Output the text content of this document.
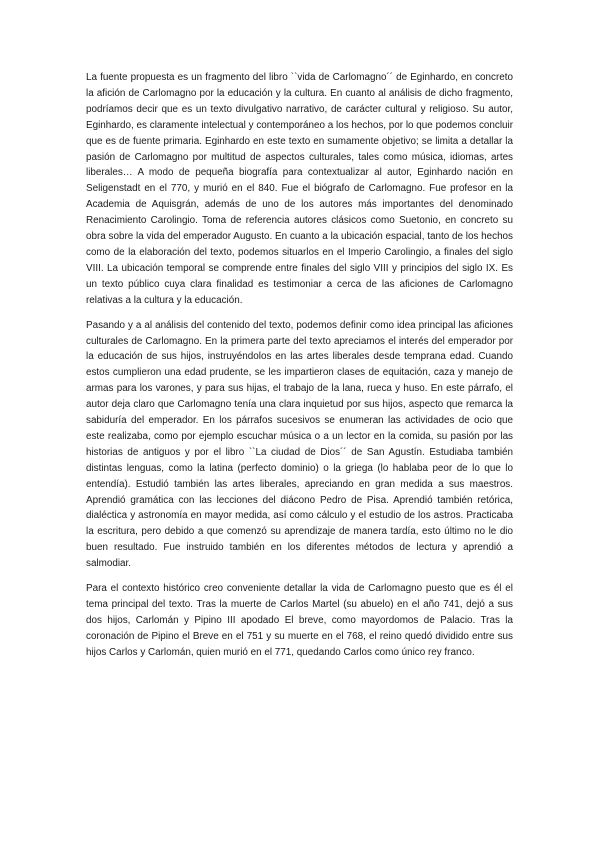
La fuente propuesta es un fragmento del libro ``vida de Carlomagno´´ de Eginhardo, en concreto la afición de Carlomagno por la educación y la cultura. En cuanto al análisis de dicho fragmento, podríamos decir que es un texto divulgativo narrativo, de carácter cultural y religioso. Su autor, Eginhardo, es claramente intelectual y contemporáneo a los hechos, por lo que podemos concluir que es de fuente primaria. Eginhardo en este texto en sumamente objetivo; se limita a detallar la pasión de Carlomagno por multitud de aspectos culturales, tales como música, idiomas, artes liberales… A modo de pequeña biografía para contextualizar al autor, Eginhardo nación en Seligenstadt en el 770, y murió en el 840. Fue el biógrafo de Carlomagno. Fue profesor en la Academia de Aquisgrán, además de uno de los autores más importantes del denominado Renacimiento Carolingio. Toma de referencia autores clásicos como Suetonio, en concreto su obra sobre la vida del emperador Augusto. En cuanto a la ubicación espacial, tanto de los hechos como de la elaboración del texto, podemos situarlos en el Imperio Carolingio, a finales del siglo VIII. La ubicación temporal se comprende entre finales del siglo VIII y principios del siglo IX. Es un texto público cuya clara finalidad es testimoniar a cerca de las aficiones de Carlomagno relativas a la cultura y la educación.

Pasando y a al análisis del contenido del texto, podemos definir como idea principal las aficiones culturales de Carlomagno. En la primera parte del texto apreciamos el interés del emperador por la educación de sus hijos, instruyéndolos en las artes liberales desde temprana edad. Cuando estos cumplieron una edad prudente, se les impartieron clases de equitación, caza y manejo de armas para los varones, y para sus hijas, el trabajo de la lana, rueca y huso. En este párrafo, el autor deja claro que Carlomagno tenía una clara inquietud por sus hijos, aspecto que remarca la sabiduría del emperador. En los párrafos sucesivos se enumeran las actividades de ocio que este realizaba, como por ejemplo escuchar música o a un lector en la comida, su pasión por las historias de antiguos y por el libro ``La ciudad de Dios´´ de San Agustín. Estudiaba también distintas lenguas, como la latina (perfecto dominio) o la griega (lo hablaba peor de lo que lo entendía). Estudió también las artes liberales, apreciando en gran medida a sus maestros. Aprendió gramática con las lecciones del diácono Pedro de Pisa. Aprendió también retórica, dialéctica y astronomía en mayor medida, así como cálculo y el estudio de los astros. Practicaba la escritura, pero debido a que comenzó su aprendizaje de manera tardía, esto último no le dio buen resultado. Fue instruido también en los diferentes métodos de lectura y aprendió a salmodiar.

Para el contexto histórico creo conveniente detallar la vida de Carlomagno puesto que es él el tema principal del texto. Tras la muerte de Carlos Martel (su abuelo) en el año 741, dejó a sus dos hijos, Carlomán y Pipino III apodado El breve, como mayordomos de Palacio. Tras la coronación de Pipino el Breve en el 751 y su muerte en el 768, el reino quedó dividido entre sus hijos Carlos y Carlomán, quien murió en el 771, quedando Carlos como único rey franco.
